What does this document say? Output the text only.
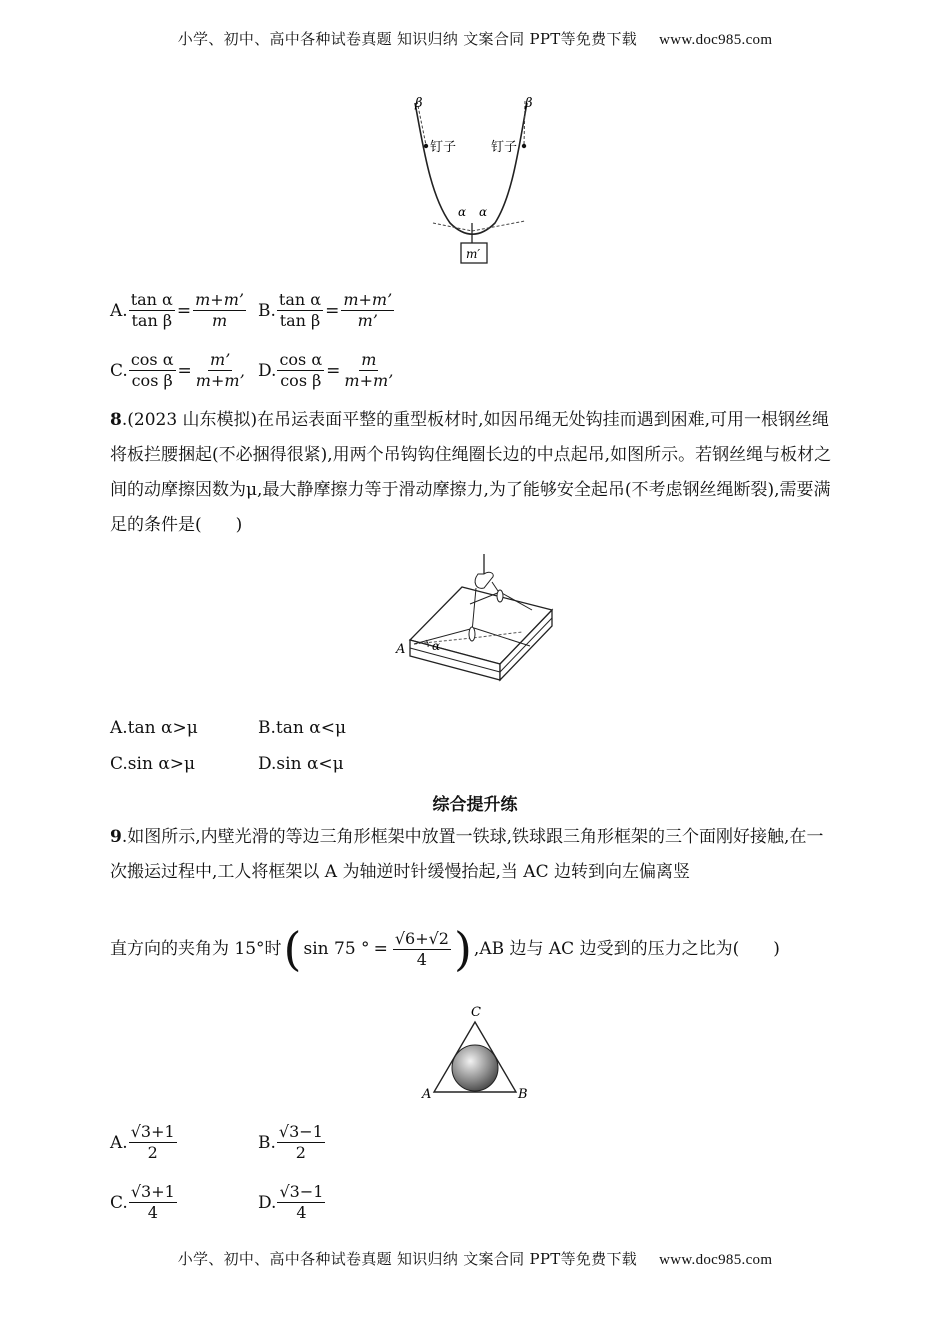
小学、初中、高中各种试卷真题 知识归纳 文案合同 PPT等免费下载 www.doc985.com
β	β
钉子	钉子
α α
m′
A. $\frac{\text{tan α}}{\text{tan β}} = \frac{m+m’}{m} B$. $\frac{\text{tan α}}{\text{tan β}} = \frac{m+m’}{m’}$
C. $\frac{\text{cos α}}{\text{cos β}} = \frac{m’}{m+m’} D$. $\frac{\text{cos α}}{\text{cos β}} = \frac{m}{m+m’}$
8.(2023 山东模拟)在吊运表面平整的重型板材时,如因吊绳无处钩挂而遇到困难,可用一根钢丝绳将板拦腰捆起(不必捆得很紧),用两个吊钩钩住绳圈长边的中点起吊,如图所示。若钢丝绳与板材之间的动摩擦因数为μ,最大静摩擦力等于滑动摩擦力,为了能够安全起吊(不考虑钢丝绳断裂),需要满足的条件是(　　)
A α
A.tan α>μ	B.tan α<μ
C.sin α>μ	D.sin α<μ
综合提升练
9.如图所示,内壁光滑的等边三角形框架中放置一铁球,铁球跟三角形框架的三个面刚好接触,在一次搬运过程中,工人将框架以 A 为轴逆时针缓慢抬起,当 AC 边转到向左偏离竖
直方向的夹角为 15°时 ( sin 75 ° = $\frac{√6+√2}{4}$ ) ,AB 边与 AC 边受到的压力之比为(　　)
C
A	B
A. $\frac{√3+1}{2}$	B. $\frac{√3-1}{2}$
C. $\frac{√3+1}{4}$	D. $\frac{√3-1}{4}$
小学、初中、高中各种试卷真题 知识归纳 文案合同 PPT等免费下载 www.doc985.com
